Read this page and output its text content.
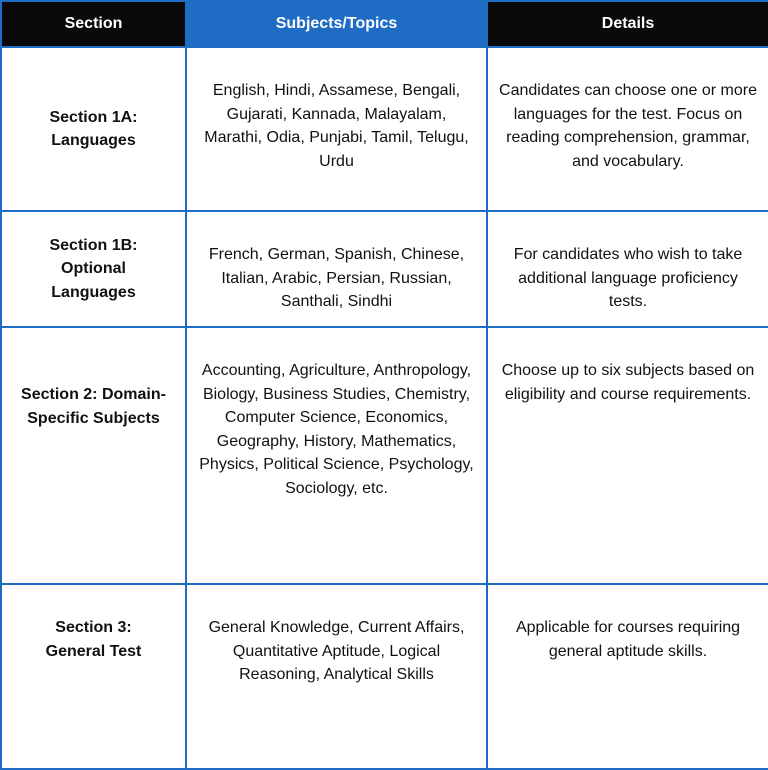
Section	Subjects/Topics	Details

Section 1A:
Languages	English, Hindi, Assamese, Bengali, Gujarati, Kannada, Malayalam, Marathi, Odia, Punjabi, Tamil, Telugu, Urdu	Candidates can choose one or more languages for the test. Focus on reading comprehension, grammar, and vocabulary.

Section 1B:
Optional
Languages	French, German, Spanish, Chinese, Italian, Arabic, Persian, Russian, Santhali, Sindhi	For candidates who wish to take additional language proficiency tests.

Section 2: Domain-
Specific Subjects	Accounting, Agriculture, Anthropology, Biology, Business Studies, Chemistry, Computer Science, Economics, Geography, History, Mathematics, Physics, Political Science, Psychology, Sociology, etc.	Choose up to six subjects based on eligibility and course requirements.

Section 3:
General Test	General Knowledge, Current Affairs, Quantitative Aptitude, Logical Reasoning, Analytical Skills	Applicable for courses requiring general aptitude skills.
